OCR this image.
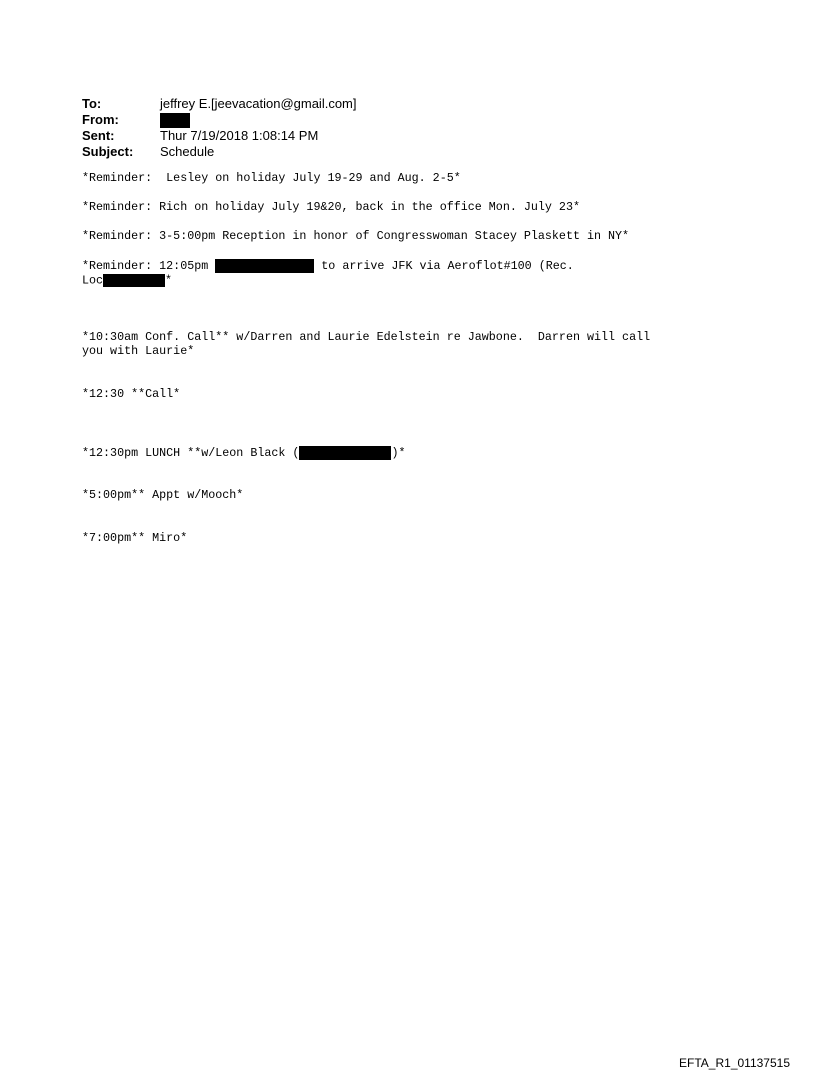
To:	jeffrey E.[jeevacation@gmail.com]
From:
Sent:	Thur 7/19/2018 1:08:14 PM
Subject:	Schedule

*Reminder:  Lesley on holiday July 19-29 and Aug. 2-5*

*Reminder: Rich on holiday July 19&20, back in the office Mon. July 23*

*Reminder: 3-5:00pm Reception in honor of Congresswoman Stacey Plaskett in NY*

*Reminder: 12:05pm	to arrive JFK via Aeroflot#100 (Rec.

Loc	*

*10:30am Conf. Call** w/Darren and Laurie Edelstein re Jawbone.  Darren will call

you with Laurie*

*12:30 **Call*

*12:30pm LUNCH **w/Leon Black (	)*

*5:00pm** Appt w/Mooch*

*7:00pm** Miro*

EFTA_R1_01137515
